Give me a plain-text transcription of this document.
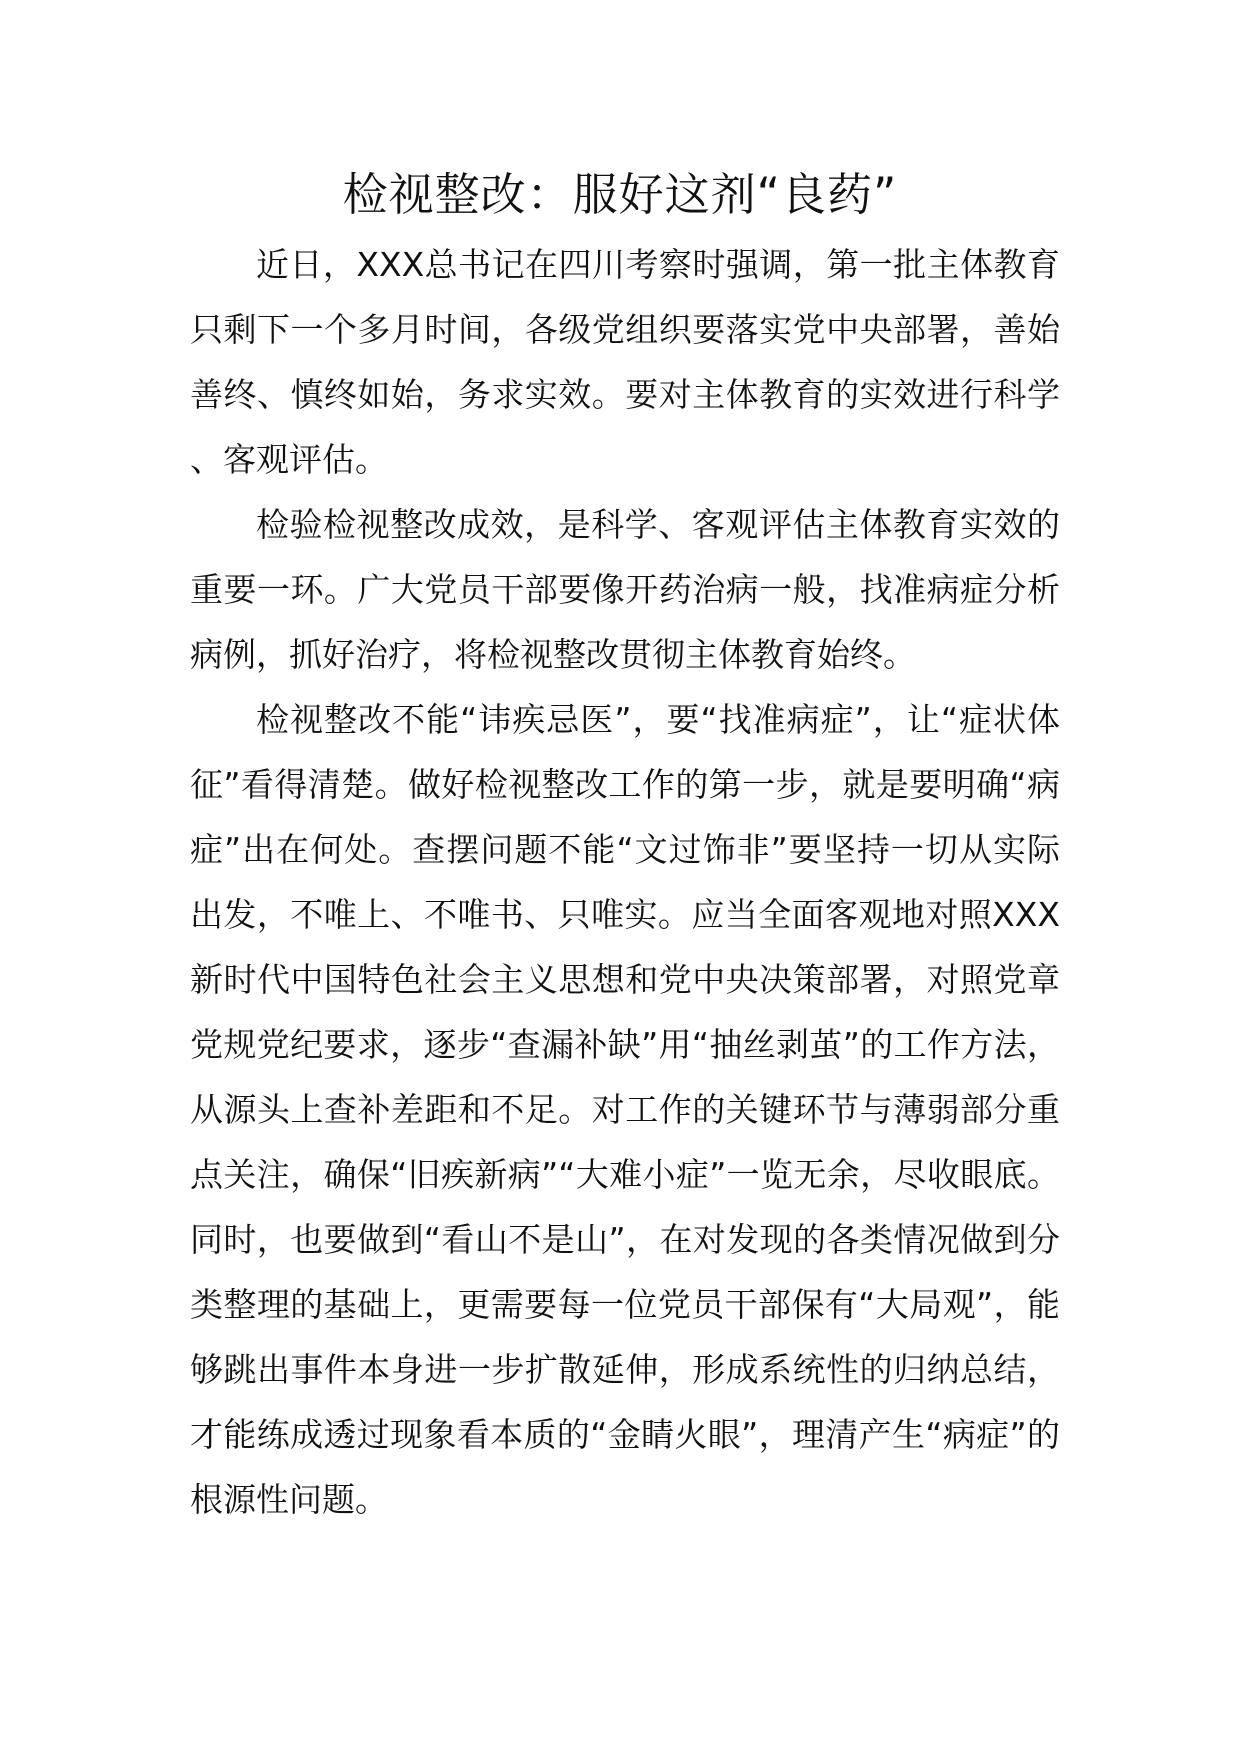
检视整改：服好这剂“良药”

近日，XXX总书记在四川考察时强调，第一批主体教育只剩下一个多月时间，各级党组织要落实党中央部署，善始善终、慎终如始，务求实效。要对主体教育的实效进行科学、客观评估。

检验检视整改成效，是科学、客观评估主体教育实效的重要一环。广大党员干部要像开药治病一般，找准病症分析病例，抓好治疗，将检视整改贯彻主体教育始终。

检视整改不能“讳疾忌医”，要“找准病症”，让“症状体征”看得清楚。做好检视整改工作的第一步，就是要明确“病症”出在何处。查摆问题不能“文过饰非”要坚持一切从实际出发，不唯上、不唯书、只唯实。应当全面客观地对照XXX新时代中国特色社会主义思想和党中央决策部署，对照党章党规党纪要求，逐步“查漏补缺”用“抽丝剥茧”的工作方法，从源头上查补差距和不足。对工作的关键环节与薄弱部分重点关注，确保“旧疾新病”“大难小症”一览无余，尽收眼底。同时，也要做到“看山不是山”，在对发现的各类情况做到分类整理的基础上，更需要每一位党员干部保有“大局观”，能够跳出事件本身进一步扩散延伸，形成系统性的归纳总结，才能练成透过现象看本质的“金睛火眼”，理清产生“病症”的根源性问题。
